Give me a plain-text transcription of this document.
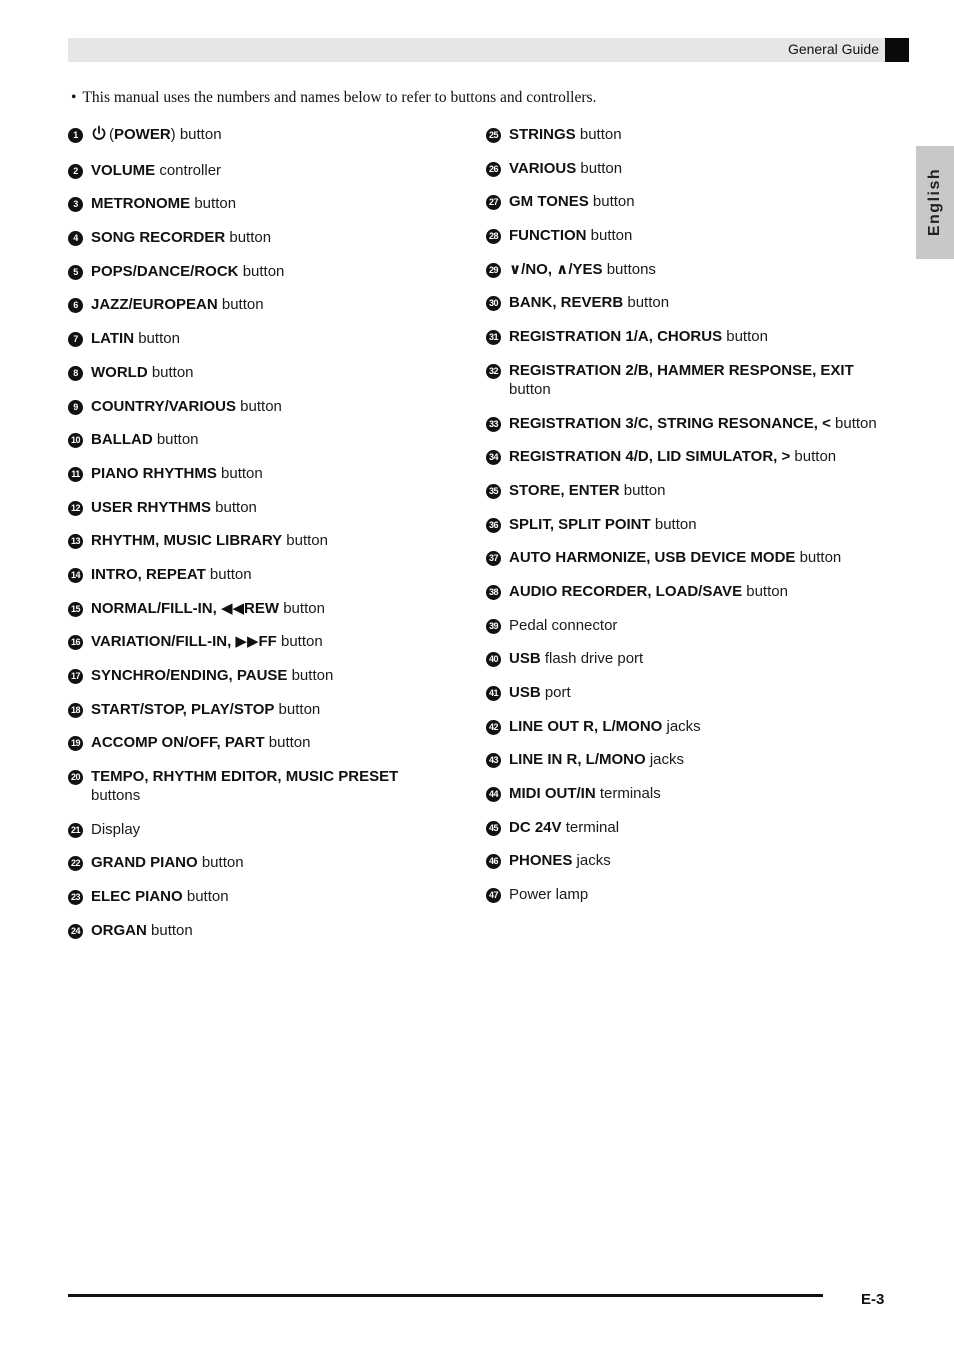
General Guide
English
• This manual uses the numbers and names below to refer to buttons and controllers.
1	(POWER) button
2 VOLUME controller
3 METRONOME button
4 SONG RECORDER button
5 POPS/DANCE/ROCK button
6 JAZZ/EUROPEAN button
7 LATIN button
8 WORLD button
9 COUNTRY/VARIOUS button
10 BALLAD button
11 PIANO RHYTHMS button
12 USER RHYTHMS button
13 RHYTHM, MUSIC LIBRARY button
14 INTRO, REPEAT button
15 NORMAL/FILL-IN, ◀◀REW button
16 VARIATION/FILL-IN, ▶▶FF button
17 SYNCHRO/ENDING, PAUSE button
18 START/STOP, PLAY/STOP button
19 ACCOMP ON/OFF, PART button
20 TEMPO, RHYTHM EDITOR, MUSIC PRESET buttons
21 Display
22 GRAND PIANO button
23 ELEC PIANO button
24 ORGAN button
25 STRINGS button
26 VARIOUS button
27 GM TONES button
28 FUNCTION button
29 ∨/NO, ∧/YES buttons
30 BANK, REVERB button
31 REGISTRATION 1/A, CHORUS button
32 REGISTRATION 2/B, HAMMER RESPONSE, EXIT button
33 REGISTRATION 3/C, STRING RESONANCE, < button
34 REGISTRATION 4/D, LID SIMULATOR, > button
35 STORE, ENTER button
36 SPLIT, SPLIT POINT button
37 AUTO HARMONIZE, USB DEVICE MODE button
38 AUDIO RECORDER, LOAD/SAVE button
39 Pedal connector
40 USB flash drive port
41 USB port
42 LINE OUT R, L/MONO jacks
43 LINE IN R, L/MONO jacks
44 MIDI OUT/IN terminals
45 DC 24V terminal
46 PHONES jacks
47 Power lamp
E-3
